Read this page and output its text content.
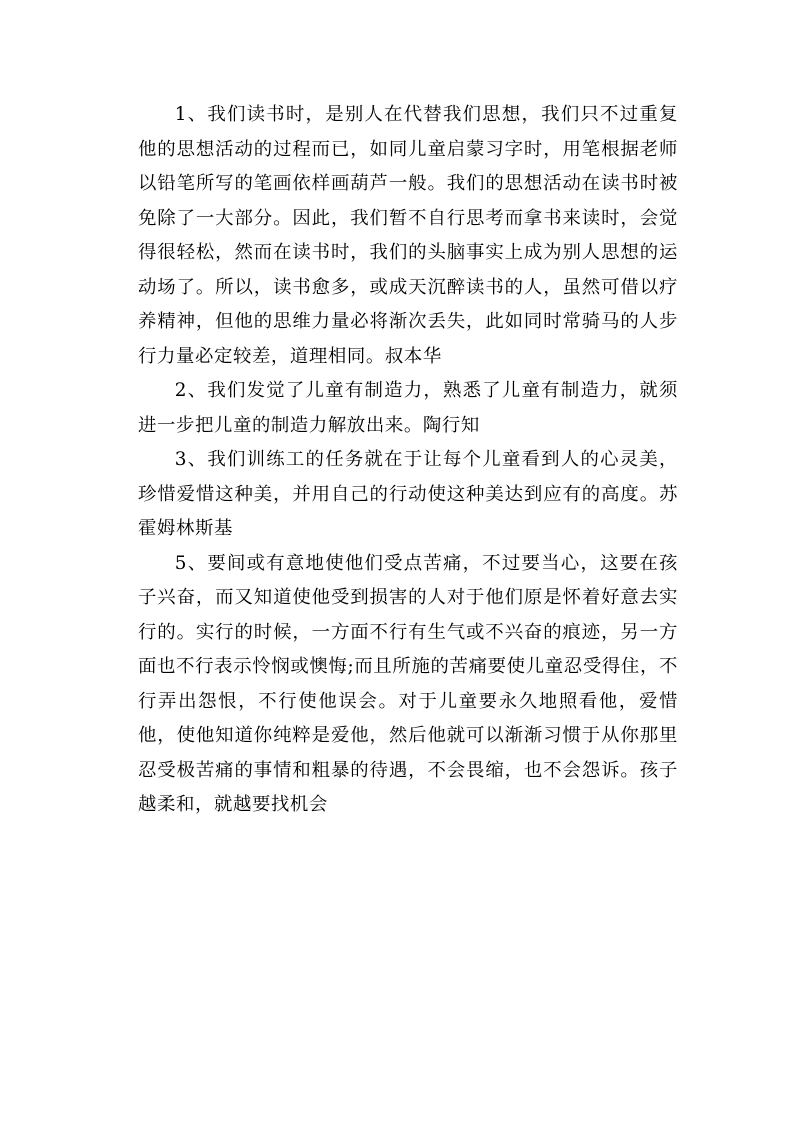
1、我们读书时，是别人在代替我们思想，我们只不过重复他的思想活动的过程而已，如同儿童启蒙习字时，用笔根据老师以铅笔所写的笔画依样画葫芦一般。我们的思想活动在读书时被免除了一大部分。因此，我们暂不自行思考而拿书来读时，会觉得很轻松，然而在读书时，我们的头脑事实上成为别人思想的运动场了。所以，读书愈多，或成天沉醉读书的人，虽然可借以疗养精神，但他的思维力量必将渐次丢失，此如同时常骑马的人步行力量必定较差，道理相同。叔本华

2、我们发觉了儿童有制造力，熟悉了儿童有制造力，就须进一步把儿童的制造力解放出来。陶行知

3、我们训练工的任务就在于让每个儿童看到人的心灵美，珍惜爱惜这种美，并用自己的行动使这种美达到应有的高度。苏霍姆林斯基

5、要间或有意地使他们受点苦痛，不过要当心，这要在孩子兴奋，而又知道使他受到损害的人对于他们原是怀着好意去实行的。实行的时候，一方面不行有生气或不兴奋的痕迹，另一方面也不行表示怜悯或懊悔;而且所施的苦痛要使儿童忍受得住，不行弄出怨恨，不行使他误会。对于儿童要永久地照看他，爱惜他，使他知道你纯粹是爱他，然后他就可以渐渐习惯于从你那里忍受极苦痛的事情和粗暴的待遇，不会畏缩，也不会怨诉。孩子越柔和，就越要找机会
